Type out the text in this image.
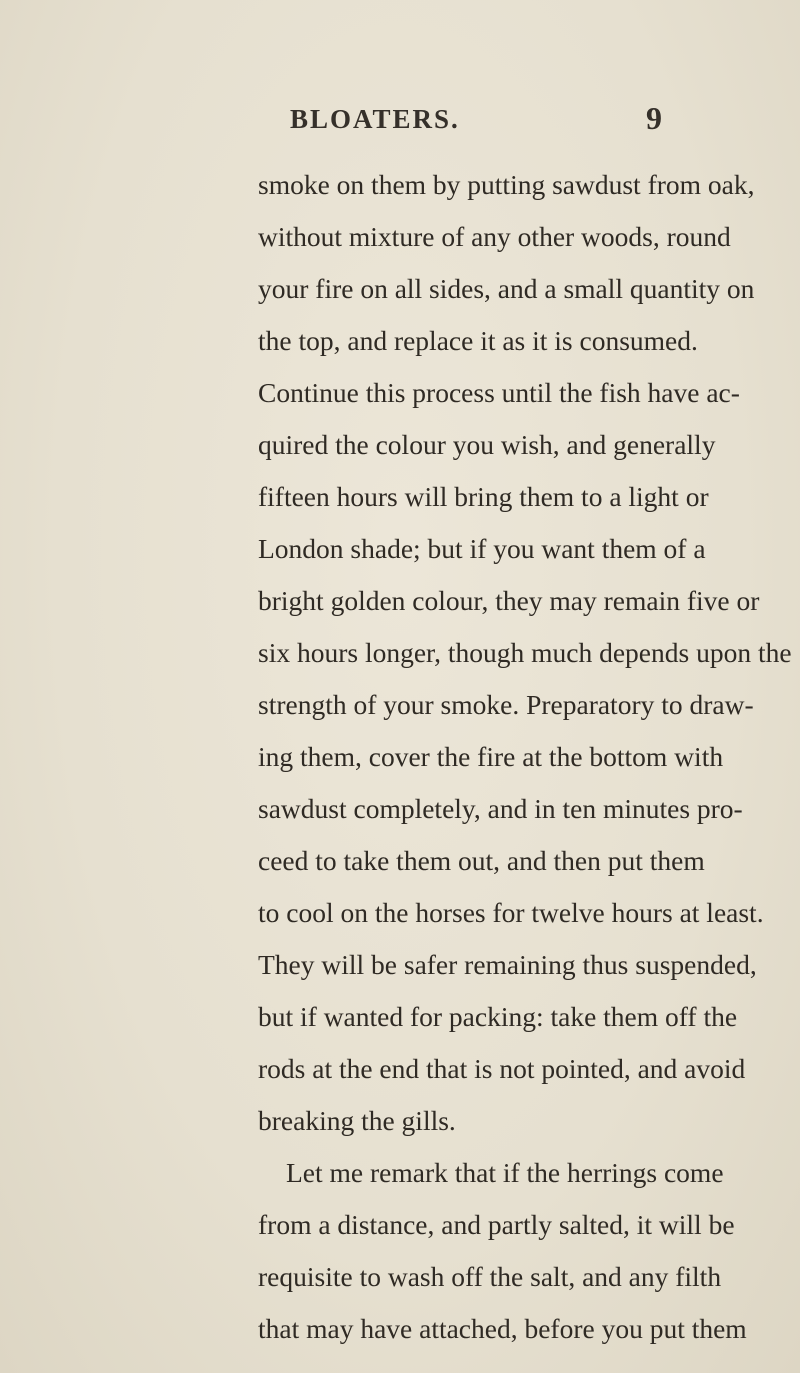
BLOATERS.	9
smoke on them by putting sawdust from oak,
without mixture of any other woods, round
your fire on all sides, and a small quantity on
the top, and replace it as it is consumed.
Continue this process until the fish have ac-
quired the colour you wish, and generally
fifteen hours will bring them to a light or
London shade; but if you want them of a
bright golden colour, they may remain five or
six hours longer, though much depends upon the
strength of your smoke. Preparatory to draw-
ing them, cover the fire at the bottom with
sawdust completely, and in ten minutes pro-
ceed to take them out, and then put them
to cool on the horses for twelve hours at least.
They will be safer remaining thus suspended,
but if wanted for packing: take them off the
rods at the end that is not pointed, and avoid
breaking the gills.
Let me remark that if the herrings come
from a distance, and partly salted, it will be
requisite to wash off the salt, and any filth
that may have attached, before you put them
